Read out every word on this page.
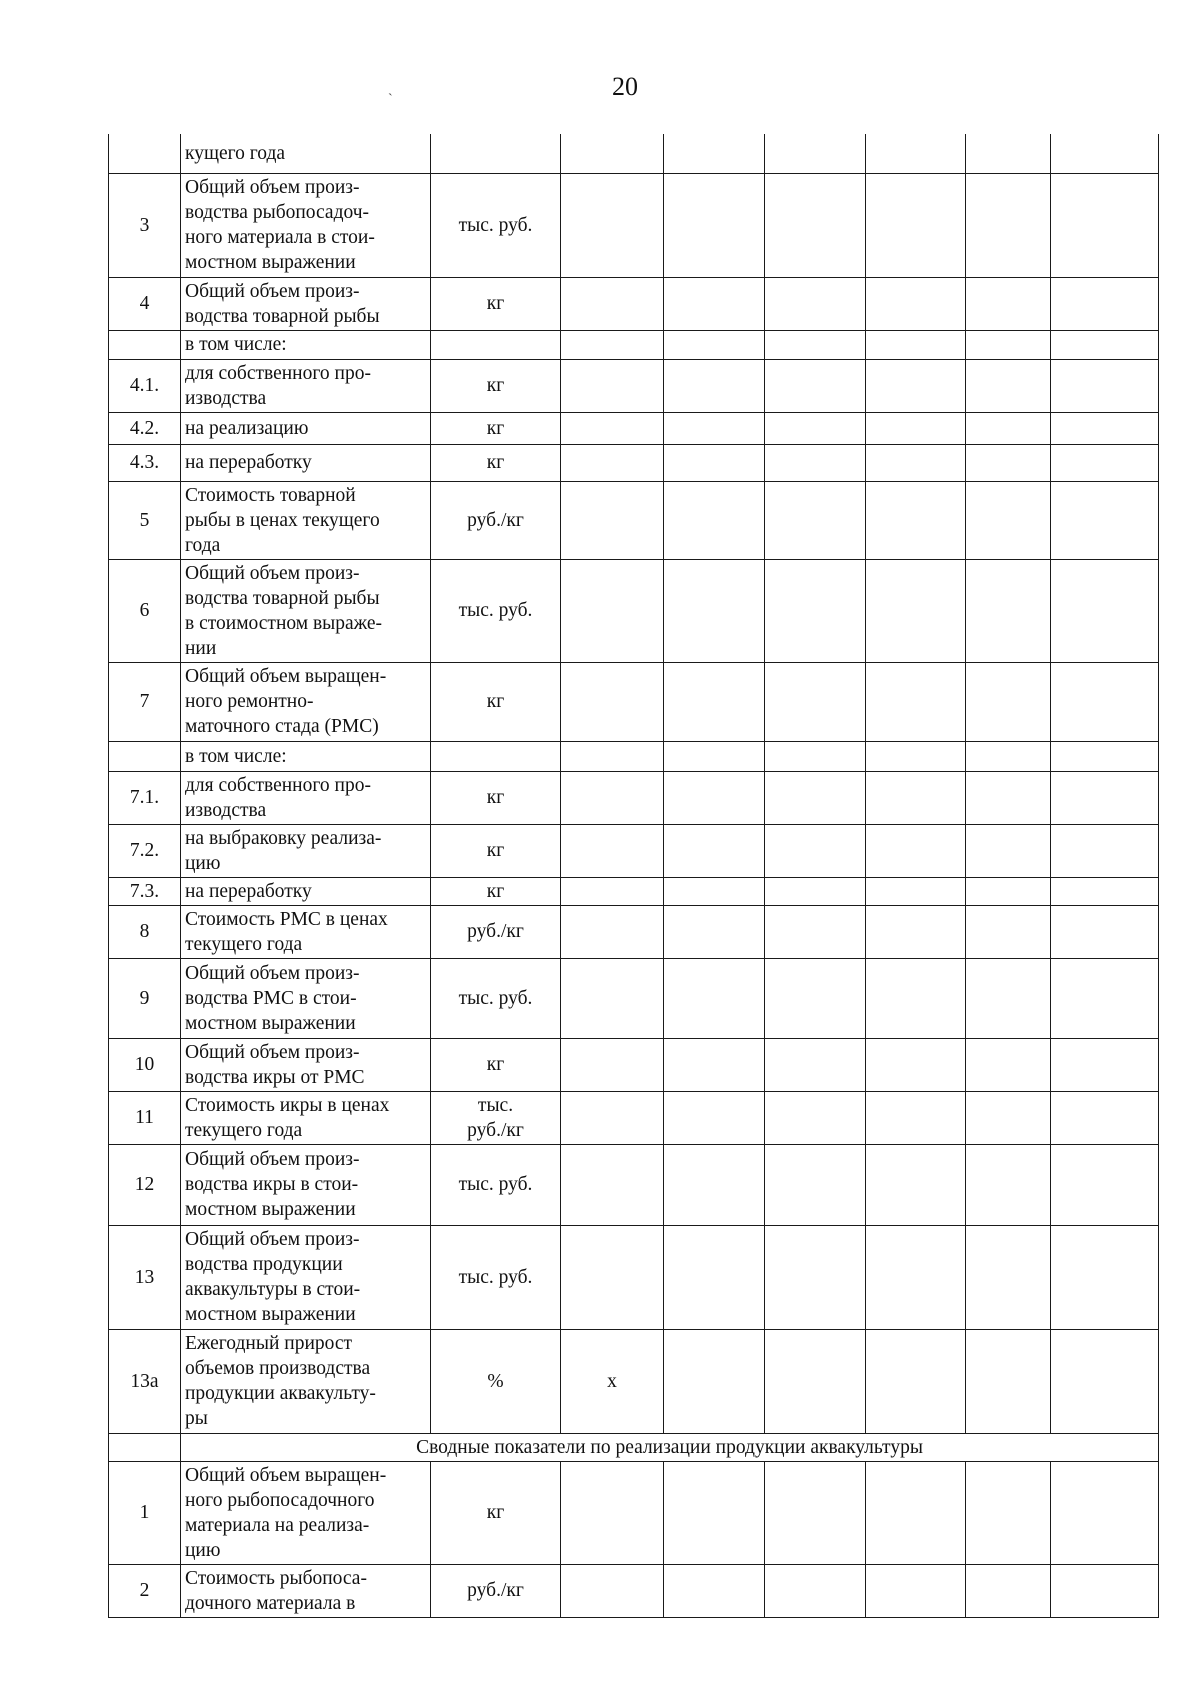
20
`
	кущего года							
3	Общий объем произ-
водства рыбопосадоч-
ного материала в стои-
мостном выражении	тыс. руб.						
4	Общий объем произ-
водства товарной рыбы	кг						
	в том числе:							
4.1.	для собственного про-
изводства	кг						
4.2.	на реализацию	кг						
4.3.	на переработку	кг						
5	Стоимость товарной
рыбы в ценах текущего
года	руб./кг						
6	Общий объем произ-
водства товарной рыбы
в стоимостном выраже-
нии	тыс. руб.						
7	Общий объем выращен-
ного ремонтно-
маточного стада (РМС)	кг						
	в том числе:							
7.1.	для собственного про-
изводства	кг						
7.2.	на выбраковку реализа-
цию	кг						
7.3.	на переработку	кг						
8	Стоимость РМС в ценах
текущего года	руб./кг						
9	Общий объем произ-
водства РМС в стои-
мостном выражении	тыс. руб.						
10	Общий объем произ-
водства икры от РМС	кг						
11	Стоимость икры в ценах
текущего года	тыс.
руб./кг						
12	Общий объем произ-
водства икры в стои-
мостном выражении	тыс. руб.						
13	Общий объем произ-
водства продукции
аквакультуры в стои-
мостном выражении	тыс. руб.						
13а	Ежегодный прирост
объемов производства
продукции аквакульту-
ры	%	х					
	Сводные показатели по реализации продукции аквакультуры							
1	Общий объем выращен-
ного рыбопосадочного
материала на реализа-
цию	кг						
2	Стоимость рыбопоса-
дочного материала в	руб./кг						
